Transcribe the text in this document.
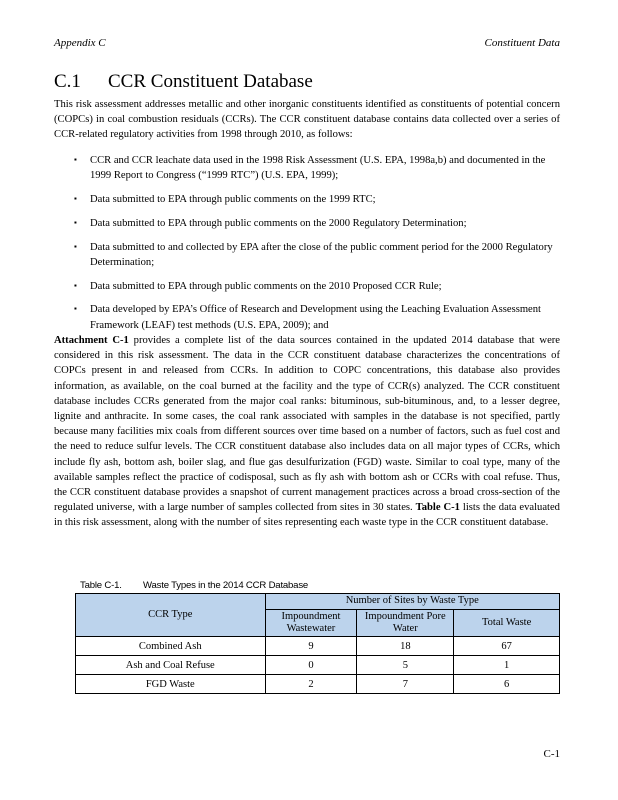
Appendix C	Constituent Data
C.1 CCR Constituent Database

This risk assessment addresses metallic and other inorganic constituents identified as constituents of potential concern (COPCs) in coal combustion residuals (CCRs). The CCR constituent database contains data collected over a series of CCR-related regulatory activities from 1998 through 2010, as follows:

▪ CCR and CCR leachate data used in the 1998 Risk Assessment (U.S. EPA, 1998a,b) and documented in the 1999 Report to Congress (“1999 RTC”) (U.S. EPA, 1999);
▪ Data submitted to EPA through public comments on the 1999 RTC;
▪ Data submitted to EPA through public comments on the 2000 Regulatory Determination;
▪ Data submitted to and collected by EPA after the close of the public comment period for the 2000 Regulatory Determination;
▪ Data submitted to EPA through public comments on the 2010 Proposed CCR Rule;
▪ Data developed by EPA’s Office of Research and Development using the Leaching Evaluation Assessment Framework (LEAF) test methods (U.S. EPA, 2009); and

Attachment C-1 provides a complete list of the data sources contained in the updated 2014 database that were considered in this risk assessment. The data in the CCR constituent database characterizes the concentrations of COPCs present in and released from CCRs. In addition to COPC concentrations, this database also provides information, as available, on the coal burned at the facility and the type of CCR(s) analyzed. The CCR constituent database includes CCRs generated from the major coal ranks: bituminous, sub-bituminous, and, to a lesser degree, lignite and anthracite. In some cases, the coal rank associated with samples in the database is not specified, partly because many facilities mix coals from different sources over time based on a number of factors, such as fuel cost and the need to reduce sulfur levels. The CCR constituent database also includes data on all major types of CCRs, which include fly ash, bottom ash, boiler slag, and flue gas desulfurization (FGD) waste. Similar to coal type, many of the available samples reflect the practice of codisposal, such as fly ash with bottom ash or CCRs with coal refuse. Thus, the CCR constituent database provides a snapshot of current management practices across a broad cross-section of the regulated universe, with a large number of samples collected from sites in 30 states. Table C-1 lists the data evaluated in this risk assessment, along with the number of sites representing each waste type in the CCR constituent database.

Table C-1. Waste Types in the 2014 CCR Database
CCR Type	Number of Sites by Waste Type		
	Impoundment Wastewater	Impoundment Pore Water	Total Waste
Combined Ash	9	18	67
Ash and Coal Refuse	0	5	1
FGD Waste	2	7	6
C-1
